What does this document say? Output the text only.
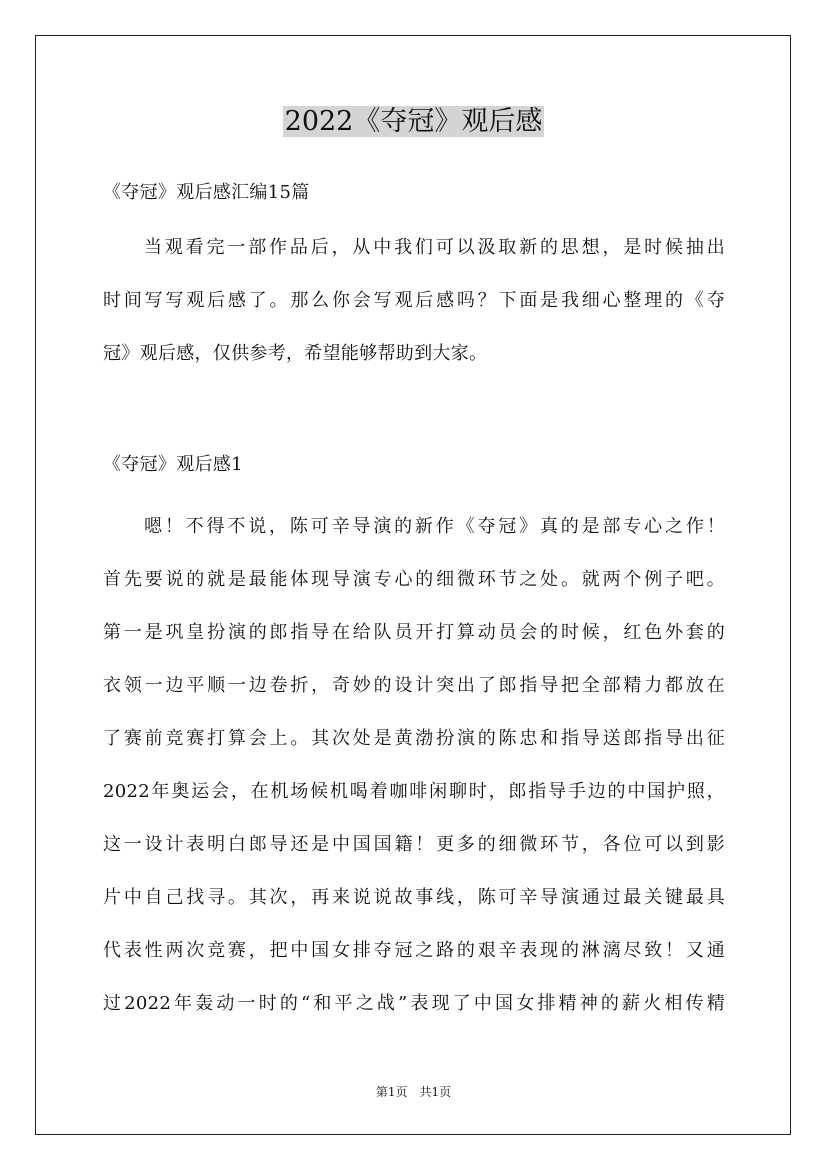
2022《夺冠》观后感
《夺冠》观后感汇编15篇
当观看完一部作品后，从中我们可以汲取新的思想，是时候抽出
时间写写观后感了。那么你会写观后感吗？下面是我细心整理的《夺
冠》观后感，仅供参考，希望能够帮助到大家。
《夺冠》观后感1
嗯！不得不说，陈可辛导演的新作《夺冠》真的是部专心之作！
首先要说的就是最能体现导演专心的细微环节之处。就两个例子吧。
第一是巩皇扮演的郎指导在给队员开打算动员会的时候，红色外套的
衣领一边平顺一边卷折，奇妙的设计突出了郎指导把全部精力都放在
了赛前竞赛打算会上。其次处是黄渤扮演的陈忠和指导送郎指导出征
2022年奥运会，在机场候机喝着咖啡闲聊时，郎指导手边的中国护照，
这一设计表明白郎导还是中国国籍！更多的细微环节，各位可以到影
片中自己找寻。其次，再来说说故事线，陈可辛导演通过最关键最具
代表性两次竞赛，把中国女排夺冠之路的艰辛表现的淋漓尽致！又通
过2022年轰动一时的“和平之战”表现了中国女排精神的薪火相传精
第1页　共1页
